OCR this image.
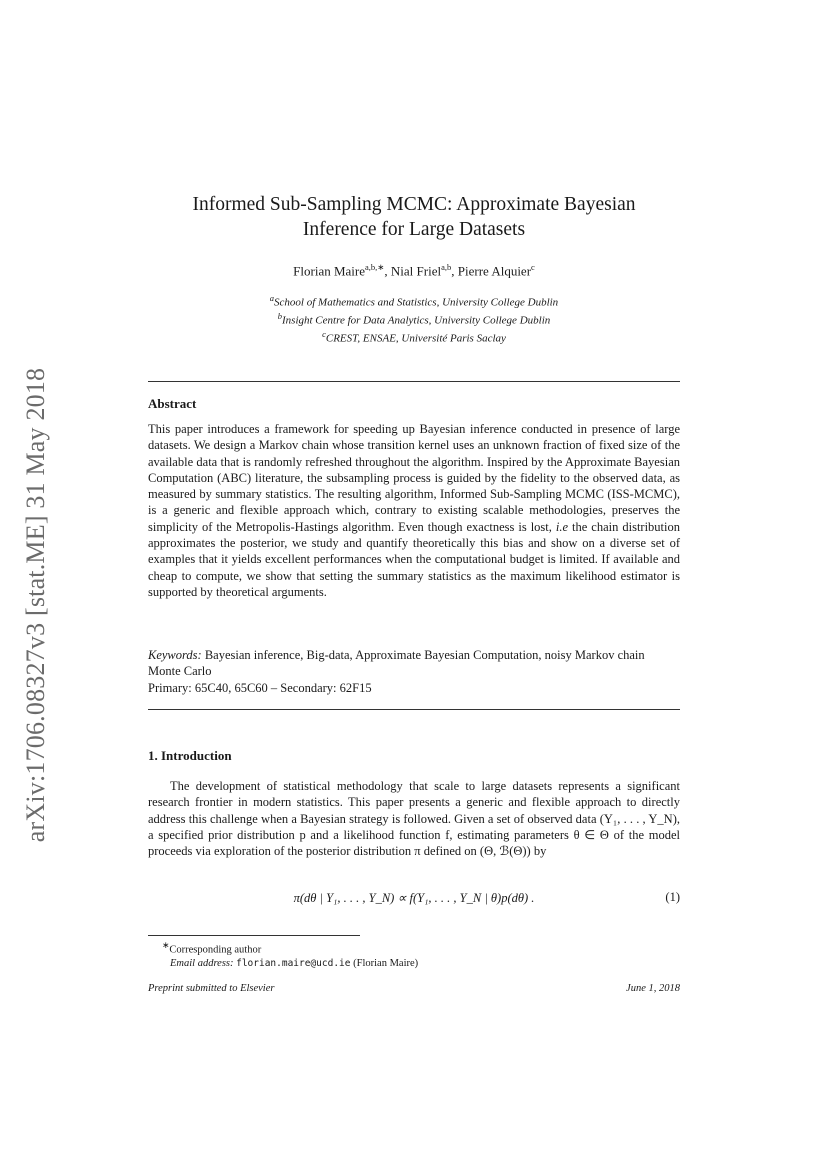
arXiv:1706.08327v3 [stat.ME] 31 May 2018
Informed Sub-Sampling MCMC: Approximate Bayesian
Inference for Large Datasets
Florian Maire$^{a,b,∗}$, Nial Friel$^{a,b}$, Pierre Alquier$^c$
$^a$School of Mathematics and Statistics, University College Dublin
$^b$Insight Centre for Data Analytics, University College Dublin
$^c$CREST, ENSAE, Université Paris Saclay
Abstract
This paper introduces a framework for speeding up Bayesian inference conducted in presence of large datasets. We design a Markov chain whose transition kernel uses an unknown fraction of fixed size of the available data that is randomly refreshed throughout the algorithm. Inspired by the Approximate Bayesian Computation (ABC) literature, the subsampling process is guided by the fidelity to the observed data, as measured by summary statistics. The resulting algorithm, Informed Sub-Sampling MCMC (ISS-MCMC), is a generic and flexible approach which, contrary to existing scalable methodologies, preserves the simplicity of the Metropolis-Hastings algorithm. Even though exactness is lost, i.e the chain distribution approximates the posterior, we study and quantify theoretically this bias and show on a diverse set of examples that it yields excellent performances when the computational budget is limited. If available and cheap to compute, we show that setting the summary statistics as the maximum likelihood estimator is supported by theoretical arguments.
Keywords: Bayesian inference, Big-data, Approximate Bayesian Computation, noisy Markov chain Monte Carlo
Primary: 65C40, 65C60 – Secondary: 62F15
1. Introduction
The development of statistical methodology that scale to large datasets represents a significant research frontier in modern statistics. This paper presents a generic and flexible approach to directly address this challenge when a Bayesian strategy is followed. Given a set of observed data (Y₁, . . . , Y_N), a specified prior distribution p and a likelihood function f, estimating parameters θ ∈ Θ of the model proceeds via exploration of the posterior distribution π defined on (Θ, ℬ(Θ)) by
π(dθ | Y₁, . . . , Y_N) ∝ f(Y₁, . . . , Y_N | θ)p(dθ) .	(1)
∗Corresponding author
Email address: florian.maire@ucd.ie (Florian Maire)
Preprint submitted to Elsevier	June 1, 2018
